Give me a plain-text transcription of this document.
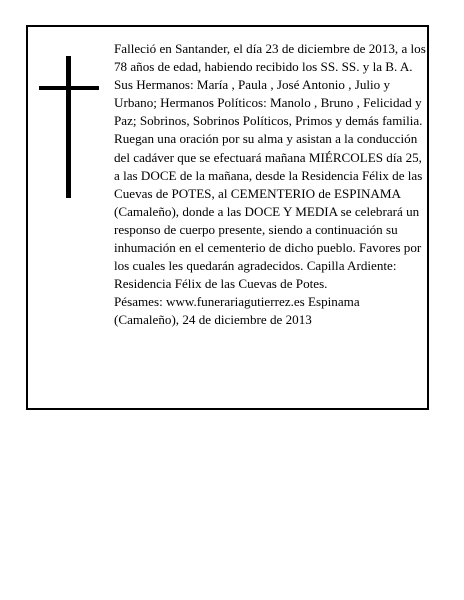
Falleció en Santander, el día 23 de diciembre de 2013, a los 78 años de edad, habiendo recibido los SS. SS. y la B. A.

Sus Hermanos: María , Paula , José Antonio , Julio y Urbano; Hermanos Políticos: Manolo , Bruno , Felicidad y Paz; Sobrinos, Sobrinos Políticos, Primos y demás familia.

Ruegan una oración por su alma y asistan a la conducción del cadáver que se efectuará mañana MIÉRCOLES día 25, a las DOCE de la mañana, desde la Residencia Félix de las Cuevas de POTES, al CEMENTERIO de ESPINAMA (Camaleño), donde a las DOCE Y MEDIA se celebrará un responso de cuerpo presente, siendo a continuación su inhumación en el cementerio de dicho pueblo. Favores por los cuales les quedarán agradecidos. Capilla Ardiente: Residencia Félix de las Cuevas de Potes.

Pésames: www.funerariagutierrez.es Espinama (Camaleño), 24 de diciembre de 2013
